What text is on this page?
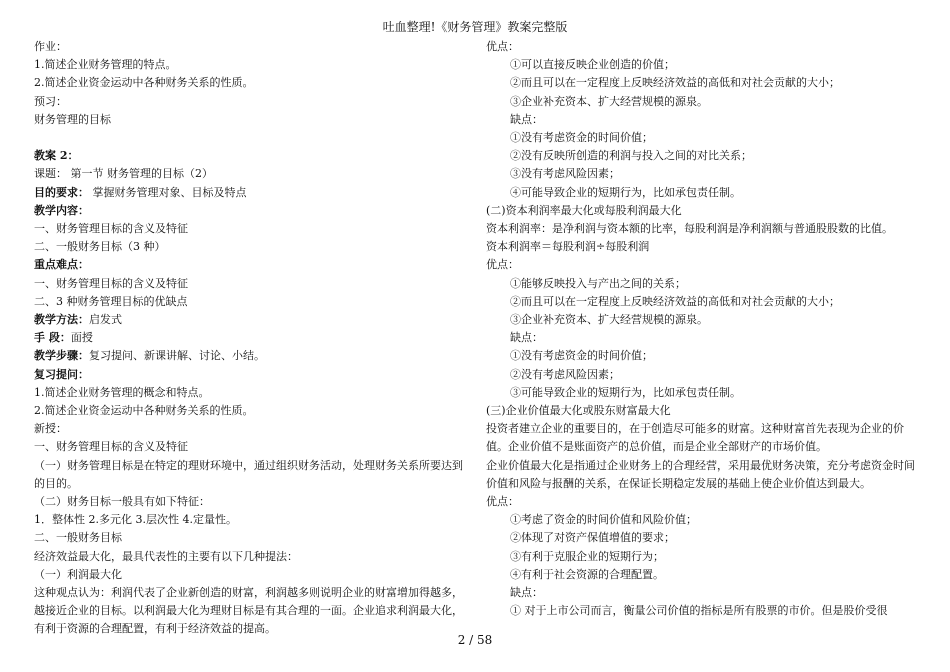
吐血整理!《财务管理》教案完整版
作业：
1.简述企业财务管理的特点。
2.简述企业资金运动中各种财务关系的性质。
预习：
财务管理的目标
教案 2：
课题： 第一节 财务管理的目标（2）
目的要求： 掌握财务管理对象、目标及特点
教学内容：
一、财务管理目标的含义及特征
二、一般财务目标（3 种）
重点难点：
一、财务管理目标的含义及特征
二、3 种财务管理目标的优缺点
教学方法：启发式
手 段：面授
教学步骤：复习提问、新课讲解、讨论、小结。
复习提问：
1.简述企业财务管理的概念和特点。
2.简述企业资金运动中各种财务关系的性质。
新授：
一、财务管理目标的含义及特征
（一）财务管理目标是在特定的理财环境中，通过组织财务活动，处理财务关系所要达到的目的。
（二）财务目标一般具有如下特征：
1．整体性 2.多元化 3.层次性 4.定量性。
二、一般财务目标
经济效益最大化，最具代表性的主要有以下几种提法：
（一）利润最大化
这种观点认为：利润代表了企业新创造的财富，利润越多则说明企业的财富增加得越多，越接近企业的目标。以利润最大化为理财目标是有其合理的一面。企业追求利润最大化，有利于资源的合理配置，有利于经济效益的提高。
优点：
①可以直接反映企业创造的价值；
②而且可以在一定程度上反映经济效益的高低和对社会贡献的大小；
③企业补充资本、扩大经营规模的源泉。
缺点：
①没有考虑资金的时间价值；
②没有反映所创造的利润与投入之间的对比关系；
③没有考虑风险因素；
④可能导致企业的短期行为，比如承包责任制。
(二)资本利润率最大化或每股利润最大化
资本利润率：是净利润与资本额的比率，每股利润是净利润额与普通股股数的比值。
资本利润率＝每股利润÷每股利润
优点：
①能够反映投入与产出之间的关系；
②而且可以在一定程度上反映经济效益的高低和对社会贡献的大小；
③企业补充资本、扩大经营规模的源泉。
缺点：
①没有考虑资金的时间价值；
②没有考虑风险因素；
③可能导致企业的短期行为，比如承包责任制。
(三)企业价值最大化或股东财富最大化
投资者建立企业的重要目的，在于创造尽可能多的财富。这种财富首先表现为企业的价值。企业价值不是账面资产的总价值，而是企业全部财产的市场价值。
企业价值最大化是指通过企业财务上的合理经营，采用最优财务决策，充分考虑资金时间价值和风险与报酬的关系，在保证长期稳定发展的基础上使企业价值达到最大。
优点：
①考虑了资金的时间价值和风险价值；
②体现了对资产保值增值的要求；
③有利于克服企业的短期行为；
④有利于社会资源的合理配置。
缺点：
① 对于上市公司而言，衡量公司价值的指标是所有股票的市价。但是股价受很
2 / 58
